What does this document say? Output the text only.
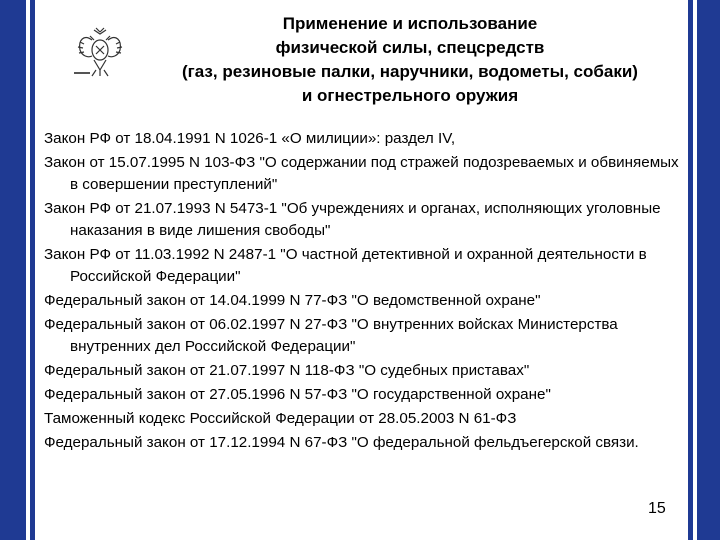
Применение и использование
физической силы, спецсредств
(газ, резиновые палки, наручники, водометы, собаки)
и огнестрельного оружия
Закон РФ от 18.04.1991 N 1026-1 «О милиции»: раздел IV,
Закон от 15.07.1995 N 103-ФЗ "О содержании под стражей подозреваемых и обвиняемых в совершении преступлений"
Закон РФ от 21.07.1993 N 5473-1 "Об учреждениях и органах, исполняющих уголовные наказания в виде лишения свободы"
Закон РФ от 11.03.1992 N 2487-1 "О частной детективной и охранной деятельности в Российской Федерации"
Федеральный закон от 14.04.1999 N 77-ФЗ "О ведомственной охране"
Федеральный закон от 06.02.1997 N 27-ФЗ "О внутренних войсках Министерства внутренних дел Российской Федерации"
Федеральный закон от 21.07.1997 N 118-ФЗ "О судебных приставах"
Федеральный закон от 27.05.1996 N 57-ФЗ "О государственной охране"
Таможенный кодекс Российской Федерации от 28.05.2003 N 61-ФЗ
Федеральный закон от 17.12.1994 N 67-ФЗ "О федеральной фельдъегерской связи.
15
